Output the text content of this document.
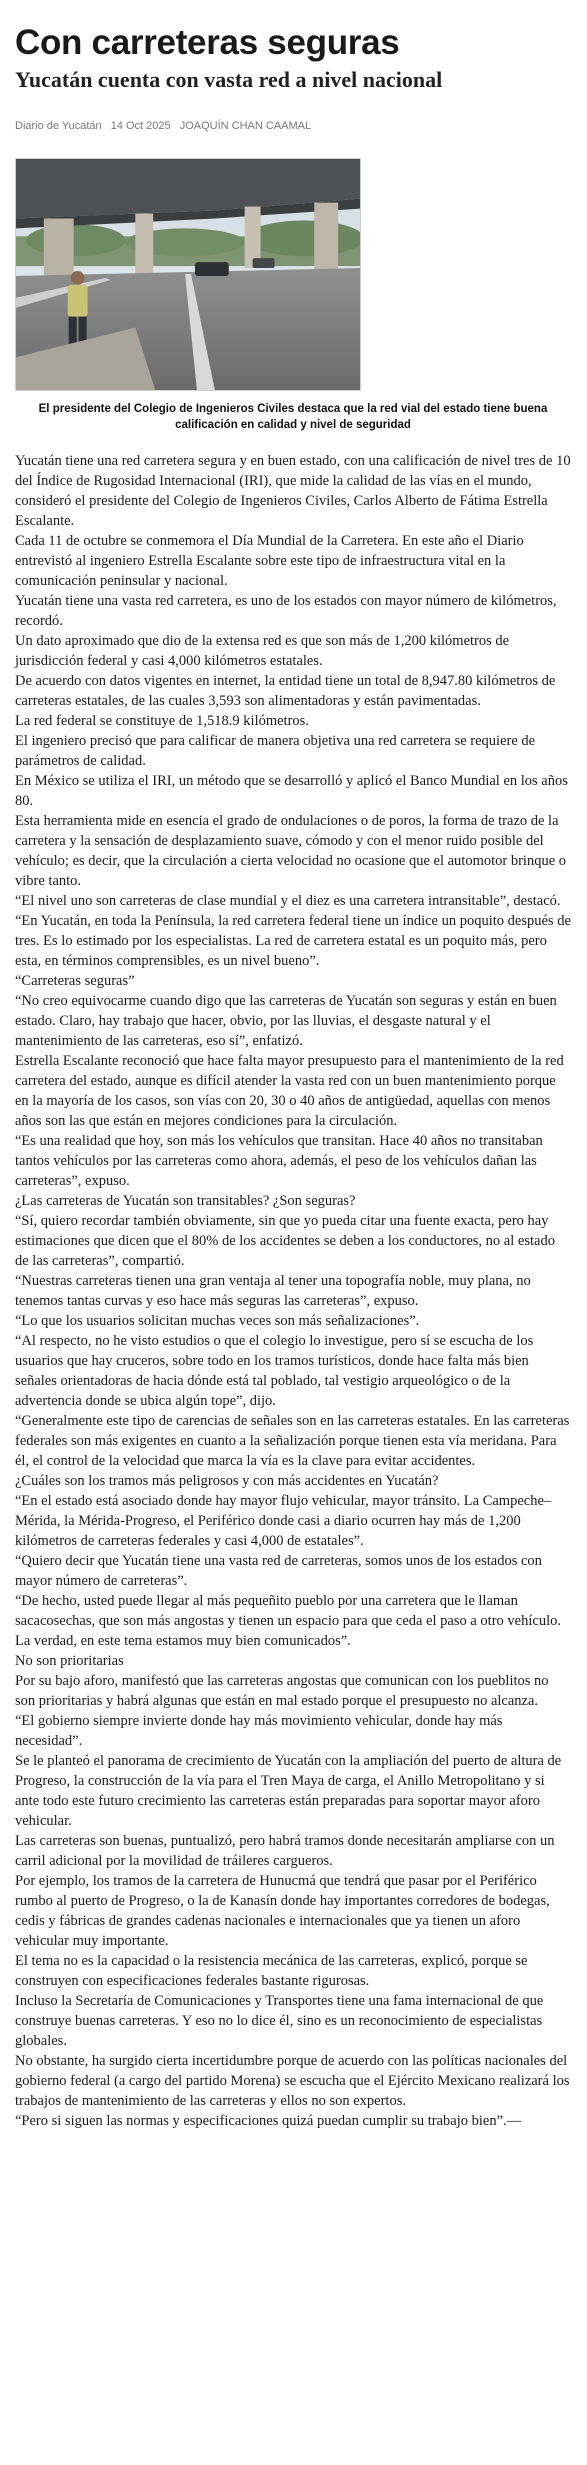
Con carreteras seguras
Yucatán cuenta con vasta red a nivel nacional
Diario de Yucatán 14 Oct 2025 JOAQUÍN CHAN CAAMAL

El presidente del Colegio de Ingenieros Civiles destaca que la red vial del estado tiene buena calificación en calidad y nivel de seguridad

Yucatán tiene una red carretera segura y en buen estado, con una calificación de nivel tres de 10 del Índice de Rugosidad Internacional (IRI), que mide la calidad de las vías en el mundo, consideró el presidente del Colegio de Ingenieros Civiles, Carlos Alberto de Fátima Estrella Escalante.

Cada 11 de octubre se conmemora el Día Mundial de la Carretera. En este año el Diario entrevistó al ingeniero Estrella Escalante sobre este tipo de infraestructura vital en la comunicación peninsular y nacional.

Yucatán tiene una vasta red carretera, es uno de los estados con mayor número de kilómetros, recordó.

Un dato aproximado que dio de la extensa red es que son más de 1,200 kilómetros de jurisdicción federal y casi 4,000 kilómetros estatales.

De acuerdo con datos vigentes en internet, la entidad tiene un total de 8,947.80 kilómetros de carreteras estatales, de las cuales 3,593 son alimentadoras y están pavimentadas.

La red federal se constituye de 1,518.9 kilómetros.

El ingeniero precisó que para calificar de manera objetiva una red carretera se requiere de parámetros de calidad.

En México se utiliza el IRI, un método que se desarrolló y aplicó el Banco Mundial en los años 80.

Esta herramienta mide en esencia el grado de ondulaciones o de poros, la forma de trazo de la carretera y la sensación de desplazamiento suave, cómodo y con el menor ruido posible del vehículo; es decir, que la circulación a cierta velocidad no ocasione que el automotor brinque o vibre tanto.

“El nivel uno son carreteras de clase mundial y el diez es una carretera intransitable”, destacó.

“En Yucatán, en toda la Península, la red carretera federal tiene un índice un poquito después de tres. Es lo estimado por los especialistas. La red de carretera estatal es un poquito más, pero esta, en términos comprensibles, es un nivel bueno”.

“Carreteras seguras”

“No creo equivocarme cuando digo que las carreteras de Yucatán son seguras y están en buen estado. Claro, hay trabajo que hacer, obvio, por las lluvias, el desgaste natural y el mantenimiento de las carreteras, eso sí”, enfatizó.

Estrella Escalante reconoció que hace falta mayor presupuesto para el mantenimiento de la red carretera del estado, aunque es difícil atender la vasta red con un buen mantenimiento porque en la mayoría de los casos, son vías con 20, 30 o 40 años de antigüedad, aquellas con menos años son las que están en mejores condiciones para la circulación.

“Es una realidad que hoy, son más los vehículos que transitan. Hace 40 años no transitaban tantos vehículos por las carreteras como ahora, además, el peso de los vehículos dañan las carreteras”, expuso.

¿Las carreteras de Yucatán son transitables? ¿Son seguras?

“Sí, quiero recordar también obviamente, sin que yo pueda citar una fuente exacta, pero hay estimaciones que dicen que el 80% de los accidentes se deben a los conductores, no al estado de las carreteras”, compartió.

“Nuestras carreteras tienen una gran ventaja al tener una topografía noble, muy plana, no tenemos tantas curvas y eso hace más seguras las carreteras”, expuso.

“Lo que los usuarios solicitan muchas veces son más señalizaciones”.

“Al respecto, no he visto estudios o que el colegio lo investigue, pero sí se escucha de los usuarios que hay cruceros, sobre todo en los tramos turísticos, donde hace falta más bien señales orientadoras de hacia dónde está tal poblado, tal vestigio arqueológico o de la advertencia donde se ubica algún tope”, dijo.

“Generalmente este tipo de carencias de señales son en las carreteras estatales. En las carreteras federales son más exigentes en cuanto a la señalización porque tienen esta vía meridana. Para él, el control de la velocidad que marca la vía es la clave para evitar accidentes.

¿Cuáles son los tramos más peligrosos y con más accidentes en Yucatán?

“En el estado está asociado donde hay mayor flujo vehicular, mayor tránsito. La Campeche–Mérida, la Mérida-Progreso, el Periférico donde casi a diario ocurren hay más de 1,200 kilómetros de carreteras federales y casi 4,000 de estatales”.

“Quiero decir que Yucatán tiene una vasta red de carreteras, somos unos de los estados con mayor número de carreteras”.

“De hecho, usted puede llegar al más pequeñito pueblo por una carretera que le llaman sacacosechas, que son más angostas y tienen un espacio para que ceda el paso a otro vehículo. La verdad, en este tema estamos muy bien comunicados”.

No son prioritarias

Por su bajo aforo, manifestó que las carreteras angostas que comunican con los pueblitos no son prioritarias y habrá algunas que están en mal estado porque el presupuesto no alcanza.

“El gobierno siempre invierte donde hay más movimiento vehicular, donde hay más necesidad”.

Se le planteó el panorama de crecimiento de Yucatán con la ampliación del puerto de altura de Progreso, la construcción de la vía para el Tren Maya de carga, el Anillo Metropolitano y si ante todo este futuro crecimiento las carreteras están preparadas para soportar mayor aforo vehicular.

Las carreteras son buenas, puntualizó, pero habrá tramos donde necesitarán ampliarse con un carril adicional por la movilidad de tráileres cargueros.

Por ejemplo, los tramos de la carretera de Hunucmá que tendrá que pasar por el Periférico rumbo al puerto de Progreso, o la de Kanasín donde hay importantes corredores de bodegas, cedis y fábricas de grandes cadenas nacionales e internacionales que ya tienen un aforo vehicular muy importante.

El tema no es la capacidad o la resistencia mecánica de las carreteras, explicó, porque se construyen con especificaciones federales bastante rigurosas.

Incluso la Secretaría de Comunicaciones y Transportes tiene una fama internacional de que construye buenas carreteras. Y eso no lo dice él, sino es un reconocimiento de especialistas globales.

No obstante, ha surgido cierta incertidumbre porque de acuerdo con las políticas nacionales del gobierno federal (a cargo del partido Morena) se escucha que el Ejército Mexicano realizará los trabajos de mantenimiento de las carreteras y ellos no son expertos.

“Pero si siguen las normas y especificaciones quizá puedan cumplir su trabajo bien”.—
